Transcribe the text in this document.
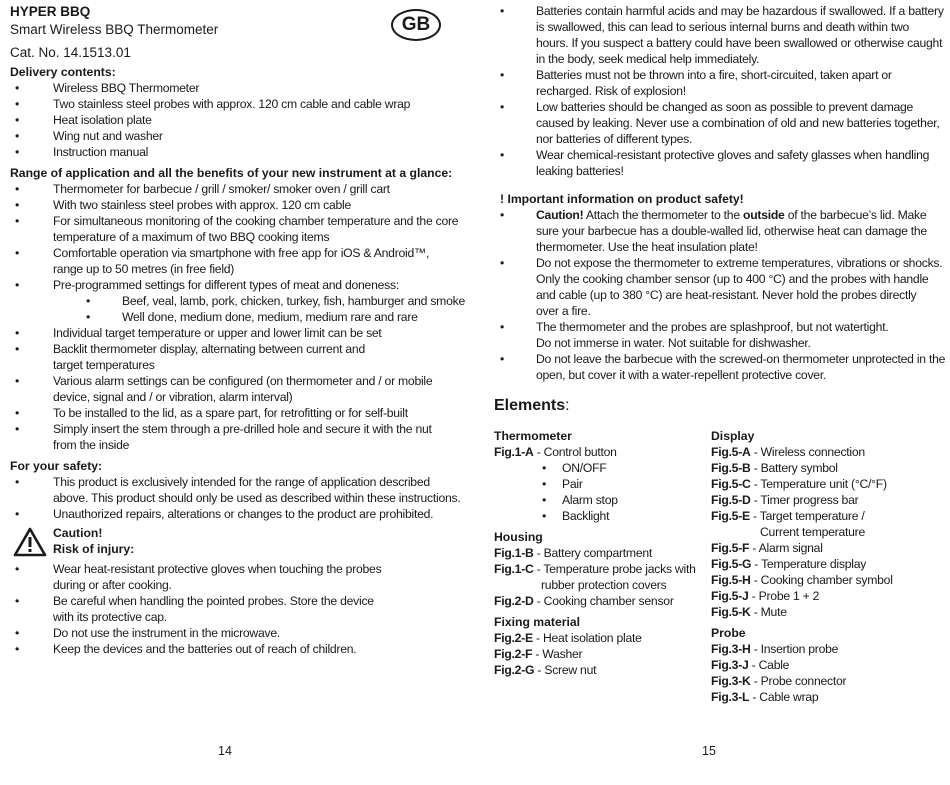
HYPER BBQ
Smart Wireless BBQ Thermometer
Cat. No. 14.1513.01
Delivery contents:
•	Wireless BBQ Thermometer
•	Two stainless steel probes with approx. 120 cm cable and cable wrap
•	Heat isolation plate
•	Wing nut and washer
•	Instruction manual
Range of application and all the benefits of your new instrument at a glance:
•	Thermometer for barbecue / grill / smoker/ smoker oven / grill cart
•	With two stainless steel probes with approx. 120 cm cable
•	For simultaneous monitoring of the cooking chamber temperature and the core
temperature of a maximum of two BBQ cooking items
•	Comfortable operation via smartphone with free app for iOS & Android™,
range up to 50 metres (in free field)
•	Pre-programmed settings for different types of meat and doneness:
•	Beef, veal, lamb, pork, chicken, turkey, fish, hamburger and smoke
•	Well done, medium done, medium, medium rare and rare
•	Individual target temperature or upper and lower limit can be set
•	Backlit thermometer display, alternating between current and
target temperatures
•	Various alarm settings can be configured (on thermometer and / or mobile
device, signal and / or vibration, alarm interval)
•	To be installed to the lid, as a spare part, for retrofitting or for self-built
•	Simply insert the stem through a pre-drilled hole and secure it with the nut
from the inside
For your safety:
•	This product is exclusively intended for the range of application described
above. This product should only be used as described within these instructions.
•	Unauthorized repairs, alterations or changes to the product are prohibited.
Caution!
Risk of injury:
•	Wear heat-resistant protective gloves when touching the probes
during or after cooking.
•	Be careful when handling the pointed probes. Store the device
with its protective cap.
•	Do not use the instrument in the microwave.
•	Keep the devices and the batteries out of reach of children.
GB
14
•	Batteries contain harmful acids and may be hazardous if swallowed. If a battery
is swallowed, this can lead to serious internal burns and death within two
hours. If you suspect a battery could have been swallowed or otherwise caught
in the body, seek medical help immediately.
•	Batteries must not be thrown into a fire, short-circuited, taken apart or
recharged. Risk of explosion!
•	Low batteries should be changed as soon as possible to prevent damage
caused by leaking. Never use a combination of old and new batteries together,
nor batteries of different types.
•	Wear chemical-resistant protective gloves and safety glasses when handling
leaking batteries!
! Important information on product safety!
•	Caution! Attach the thermometer to the outside of the barbecue’s lid. Make
sure your barbecue has a double-walled lid, otherwise heat can damage the
thermometer. Use the heat insulation plate!
•	Do not expose the thermometer to extreme temperatures, vibrations or shocks.
Only the cooking chamber sensor (up to 400 °C) and the probes with handle
and cable (up to 380 °C) are heat-resistant. Never hold the probes directly
over a fire.
•	The thermometer and the probes are splashproof, but not watertight.
Do not immerse in water. Not suitable for dishwasher.
•	Do not leave the barbecue with the screwed-on thermometer unprotected in the
open, but cover it with a water-repellent protective cover.
Elements:
Thermometer
Fig.1-A - Control button
• ON/OFF
• Pair
• Alarm stop
• Backlight
Housing
Fig.1-B - Battery compartment
Fig.1-C - Temperature probe jacks with
rubber protection covers
Fig.2-D - Cooking chamber sensor
Fixing material
Fig.2-E - Heat isolation plate
Fig.2-F - Washer
Fig.2-G - Screw nut
Display
Fig.5-A - Wireless connection
Fig.5-B - Battery symbol
Fig.5-C - Temperature unit (°C/°F)
Fig.5-D - Timer progress bar
Fig.5-E - Target temperature /
Current temperature
Fig.5-F - Alarm signal
Fig.5-G - Temperature display
Fig.5-H - Cooking chamber symbol
Fig.5-J - Probe 1 + 2
Fig.5-K - Mute
Probe
Fig.3-H - Insertion probe
Fig.3-J - Cable
Fig.3-K - Probe connector
Fig.3-L - Cable wrap
15
